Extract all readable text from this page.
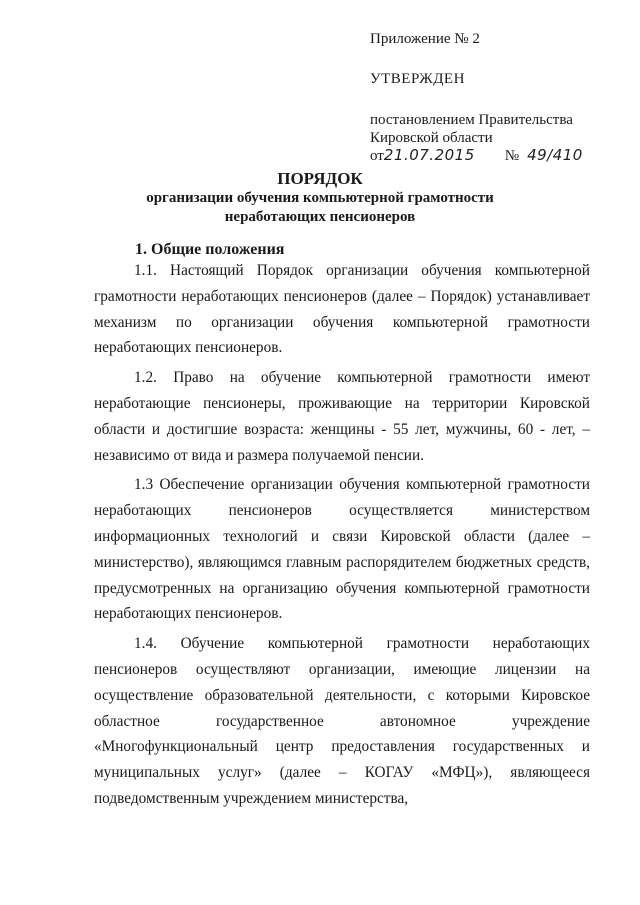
Приложение № 2
УТВЕРЖДЕН
постановлением Правительства
Кировской области
от 21.07.2015 № 49/410
ПОРЯДОК
организации обучения компьютерной грамотности
неработающих пенсионеров
1. Общие положения

1.1. Настоящий Порядок организации обучения компьютерной грамотности неработающих пенсионеров (далее – Порядок) устанавливает механизм по организации обучения компьютерной грамотности неработающих пенсионеров.

1.2. Право на обучение компьютерной грамотности имеют неработающие пенсионеры, проживающие на территории Кировской области и достигшие возраста: женщины - 55 лет, мужчины, 60 - лет, – независимо от вида и размера получаемой пенсии.

1.3 Обеспечение организации обучения компьютерной грамотности неработающих пенсионеров осуществляется министерством информационных технологий и связи Кировской области (далее – министерство), являющимся главным распорядителем бюджетных средств, предусмотренных на организацию обучения компьютерной грамотности неработающих пенсионеров.

1.4. Обучение компьютерной грамотности неработающих пенсионеров осуществляют организации, имеющие лицензии на осуществление образовательной деятельности, с которыми Кировское областное государственное автономное учреждение «Многофункциональный центр предоставления государственных и муниципальных услуг» (далее – КОГАУ «МФЦ»), являющееся подведомственным учреждением министерства,
